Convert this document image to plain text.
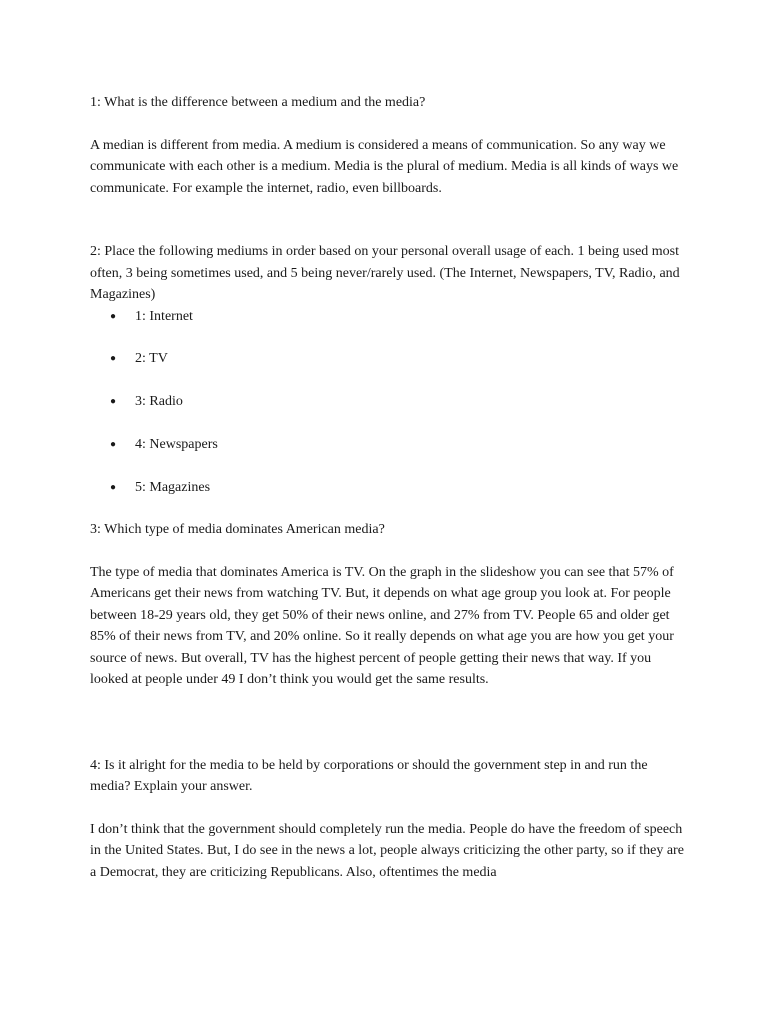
1: What is the difference between a medium and the media?

A median is different from media. A medium is considered a means of communication. So any way we communicate with each other is a medium. Media is the plural of medium. Media is all kinds of ways we communicate. For example the internet, radio, even billboards.

2: Place the following mediums in order based on your personal overall usage of each. 1 being used most often, 3 being sometimes used, and 5 being never/rarely used. (The Internet, Newspapers, TV, Radio, and Magazines)

● 1: Internet
● 2: TV
● 3: Radio
● 4: Newspapers
● 5: Magazines

3: Which type of media dominates American media?

The type of media that dominates America is TV. On the graph in the slideshow you can see that 57% of Americans get their news from watching TV. But, it depends on what age group you look at. For people between 18-29 years old, they get 50% of their news online, and 27% from TV. People 65 and older get 85% of their news from TV, and 20% online. So it really depends on what age you are how you get your source of news. But overall, TV has the highest percent of people getting their news that way. If you looked at people under 49 I don’t think you would get the same results.

4: Is it alright for the media to be held by corporations or should the government step in and run the media? Explain your answer.

I don’t think that the government should completely run the media. People do have the freedom of speech in the United States. But, I do see in the news a lot, people always criticizing the other party, so if they are a Democrat, they are criticizing Republicans. Also, oftentimes the media
